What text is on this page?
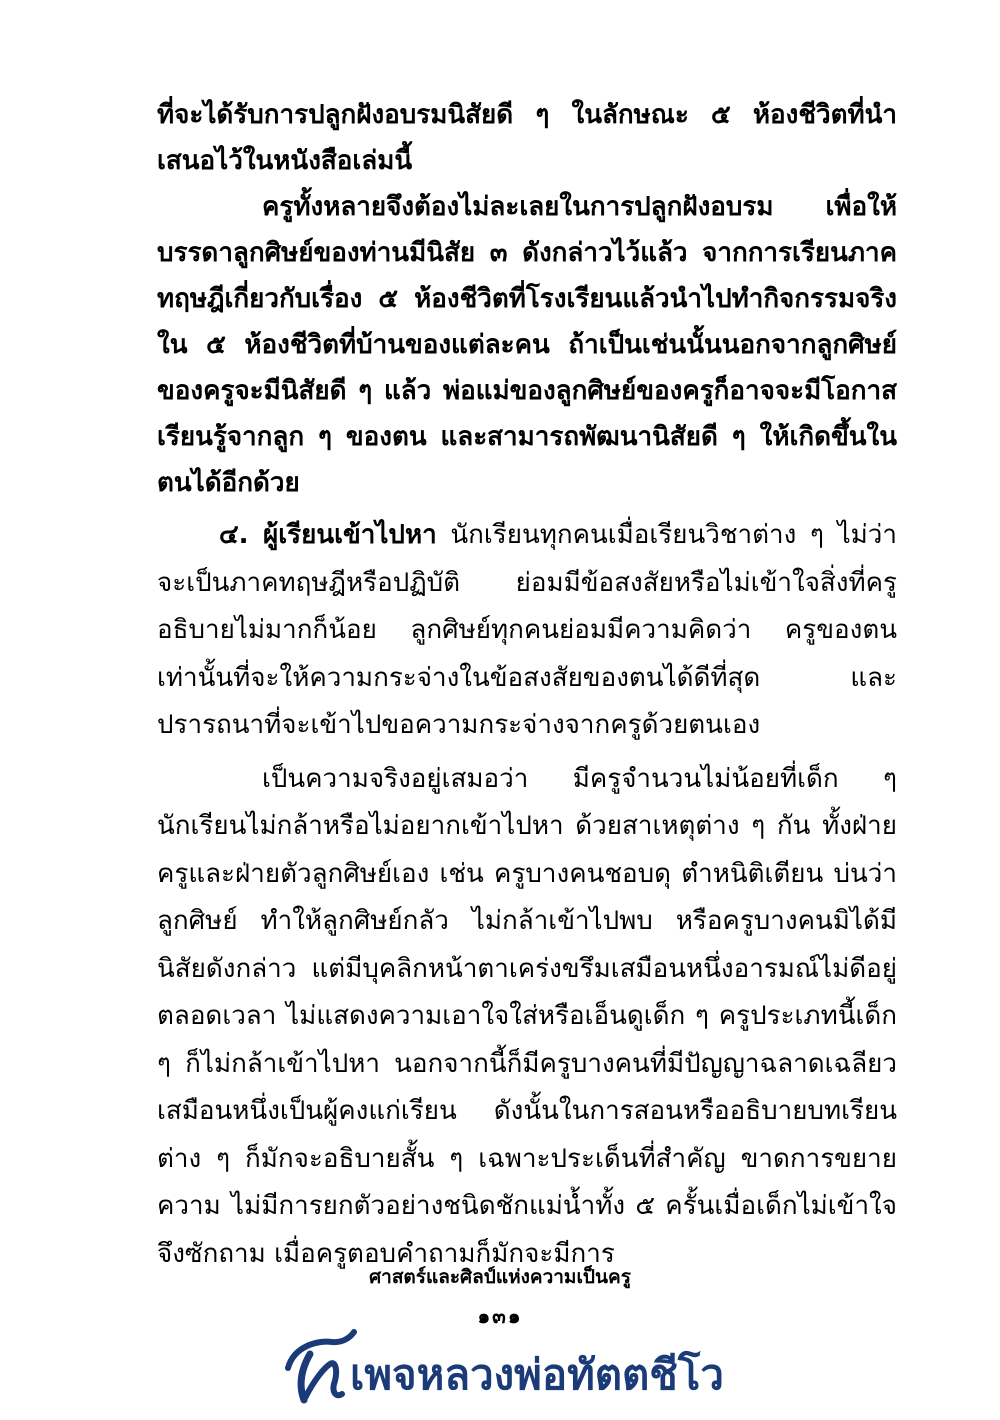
ที่จะได้รับการปลูกฝังอบรมนิสัยดี ๆ ในลักษณะ ๕ ห้องชีวิตที่นำเสนอไว้ในหนังสือเล่มนี้

ครูทั้งหลายจึงต้องไม่ละเลยในการปลูกฝังอบรม เพื่อให้บรรดาลูกศิษย์ของท่านมีนิสัย ๓ ดังกล่าวไว้แล้ว จากการเรียนภาคทฤษฎีเกี่ยวกับเรื่อง ๕ ห้องชีวิตที่โรงเรียนแล้วนำไปทำกิจกรรมจริงใน ๕ ห้องชีวิตที่บ้านของแต่ละคน ถ้าเป็นเช่นนั้นนอกจากลูกศิษย์ของครูจะมีนิสัยดี ๆ แล้ว พ่อแม่ของลูกศิษย์ของครูก็อาจจะมีโอกาสเรียนรู้จากลูก ๆ ของตน และสามารถพัฒนานิสัยดี ๆ ให้เกิดขึ้นในตนได้อีกด้วย

๔. ผู้เรียนเข้าไปหา นักเรียนทุกคนเมื่อเรียนวิชาต่าง ๆ ไม่ว่าจะเป็นภาคทฤษฎีหรือปฏิบัติ ย่อมมีข้อสงสัยหรือไม่เข้าใจสิ่งที่ครูอธิบายไม่มากก็น้อย ลูกศิษย์ทุกคนย่อมมีความคิดว่า ครูของตนเท่านั้นที่จะให้ความกระจ่างในข้อสงสัยของตนได้ดีที่สุด และปรารถนาที่จะเข้าไปขอความกระจ่างจากครูด้วยตนเอง

เป็นความจริงอยู่เสมอว่า มีครูจำนวนไม่น้อยที่เด็ก ๆ นักเรียนไม่กล้าหรือไม่อยากเข้าไปหา ด้วยสาเหตุต่าง ๆ กัน ทั้งฝ่ายครูและฝ่ายตัวลูกศิษย์เอง เช่น ครูบางคนชอบดุ ตำหนิติเตียน บ่นว่าลูกศิษย์ ทำให้ลูกศิษย์กลัว ไม่กล้าเข้าไปพบ หรือครูบางคนมิได้มีนิสัยดังกล่าว แต่มีบุคลิกหน้าตาเคร่งขรึมเสมือนหนึ่งอารมณ์ไม่ดีอยู่ตลอดเวลา ไม่แสดงความเอาใจใส่หรือเอ็นดูเด็ก ๆ ครูประเภทนี้เด็ก ๆ ก็ไม่กล้าเข้าไปหา นอกจากนี้ก็มีครูบางคนที่มีปัญญาฉลาดเฉลียวเสมือนหนึ่งเป็นผู้คงแก่เรียน ดังนั้นในการสอนหรืออธิบายบทเรียนต่าง ๆ ก็มักจะอธิบายสั้น ๆ เฉพาะประเด็นที่สำคัญ ขาดการขยายความ ไม่มีการยกตัวอย่างชนิดชักแม่น้ำทั้ง ๕ ครั้นเมื่อเด็กไม่เข้าใจ จึงซักถาม เมื่อครูตอบคำถามก็มักจะมีการ

ศาสตร์และศิลป์แห่งความเป็นครู
๑๓๑
เพจหลวงพ่อทัตตชีโว
